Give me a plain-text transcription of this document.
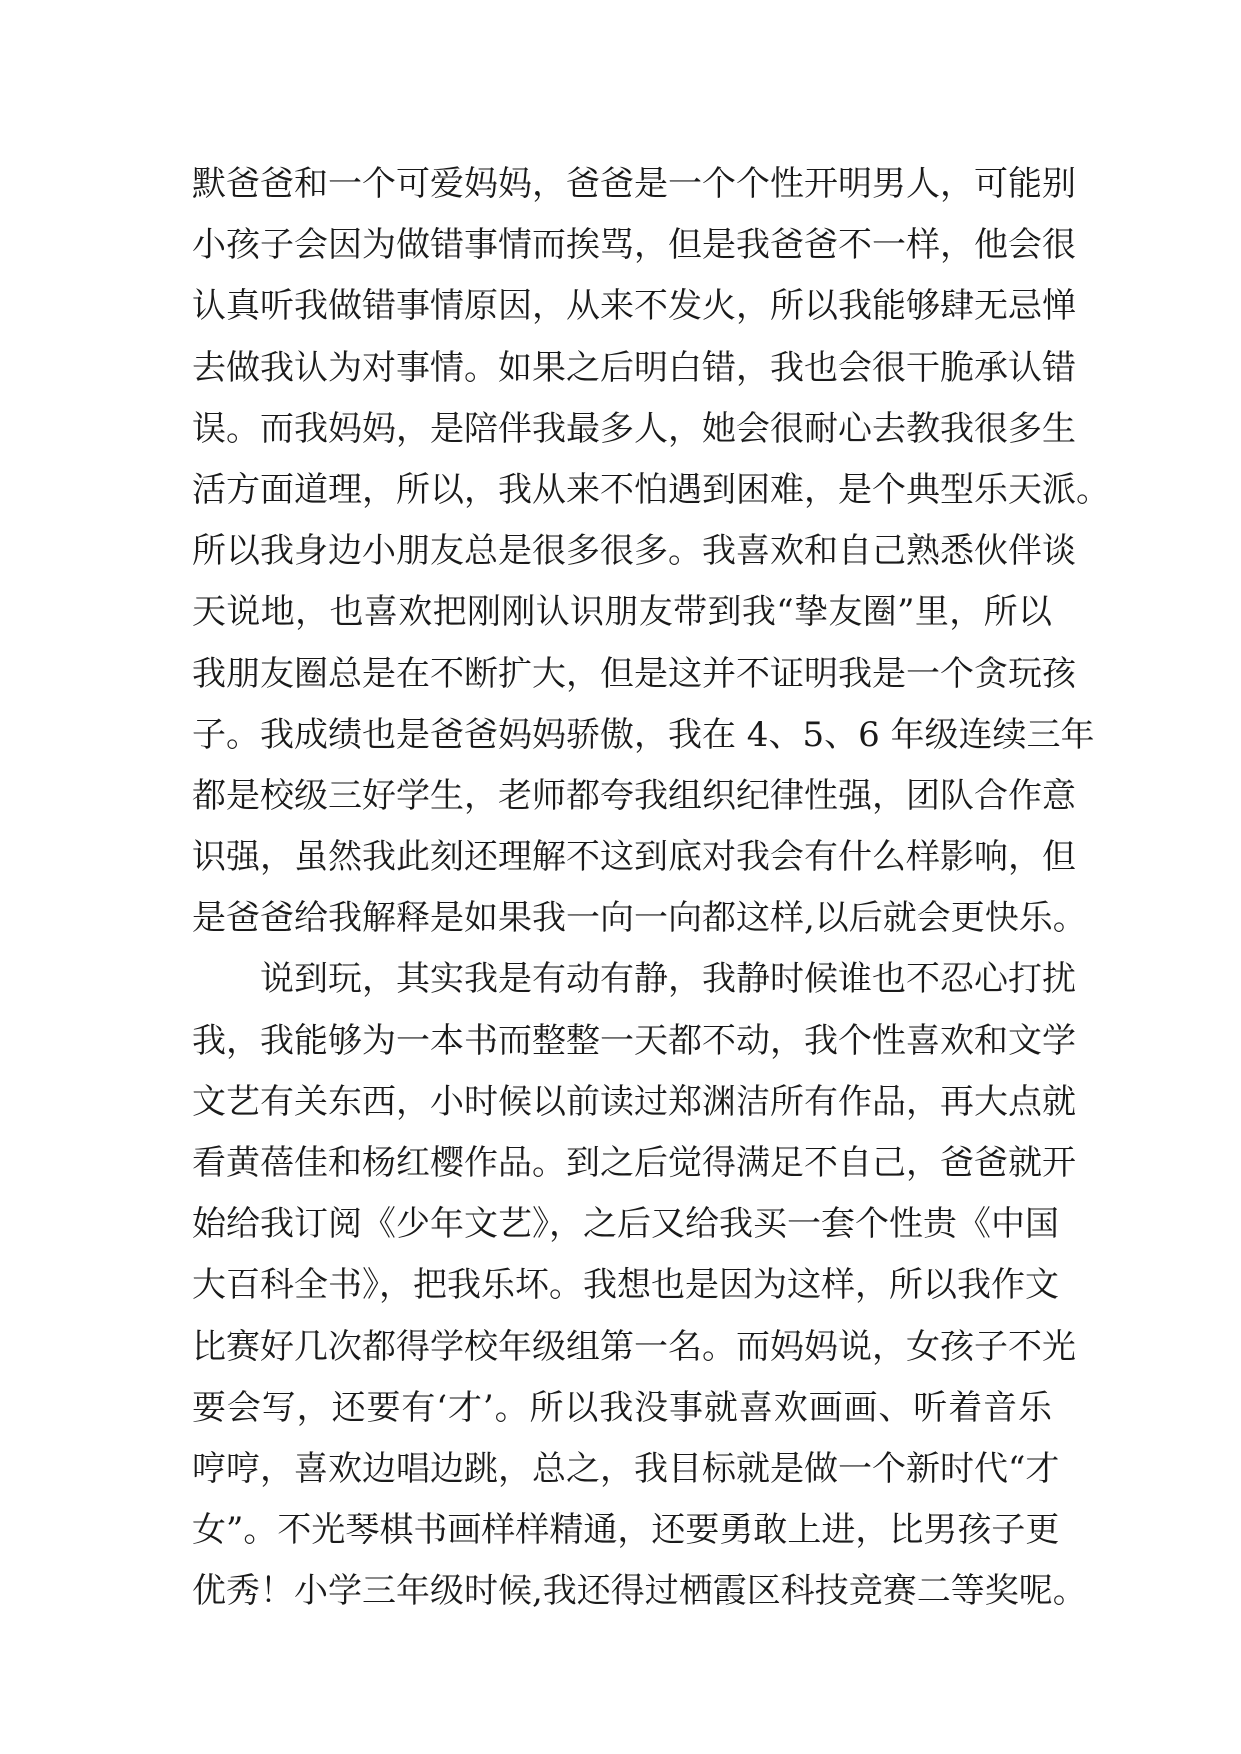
默爸爸和一个可爱妈妈，爸爸是一个个性开明男人，可能别
小孩子会因为做错事情而挨骂，但是我爸爸不一样，他会很
认真听我做错事情原因，从来不发火，所以我能够肆无忌惮
去做我认为对事情。如果之后明白错，我也会很干脆承认错
误。而我妈妈，是陪伴我最多人，她会很耐心去教我很多生
活方面道理，所以，我从来不怕遇到困难，是个典型乐天派。
所以我身边小朋友总是很多很多。我喜欢和自己熟悉伙伴谈
天说地，也喜欢把刚刚认识朋友带到我“挚友圈”里，所以
我朋友圈总是在不断扩大，但是这并不证明我是一个贪玩孩
子。我成绩也是爸爸妈妈骄傲，我在 4、5、6 年级连续三年
都是校级三好学生，老师都夸我组织纪律性强，团队合作意
识强，虽然我此刻还理解不这到底对我会有什么样影响，但
是爸爸给我解释是如果我一向一向都这样,以后就会更快乐。
　　说到玩，其实我是有动有静，我静时候谁也不忍心打扰
我，我能够为一本书而整整一天都不动，我个性喜欢和文学
文艺有关东西，小时候以前读过郑渊洁所有作品，再大点就
看黄蓓佳和杨红樱作品。到之后觉得满足不自己，爸爸就开
始给我订阅《少年文艺》，之后又给我买一套个性贵《中国
大百科全书》，把我乐坏。我想也是因为这样，所以我作文
比赛好几次都得学校年级组第一名。而妈妈说，女孩子不光
要会写，还要有‘才’。所以我没事就喜欢画画、听着音乐
哼哼，喜欢边唱边跳，总之，我目标就是做一个新时代“才
女”。不光琴棋书画样样精通，还要勇敢上进，比男孩子更
优秀！小学三年级时候,我还得过栖霞区科技竞赛二等奖呢。
